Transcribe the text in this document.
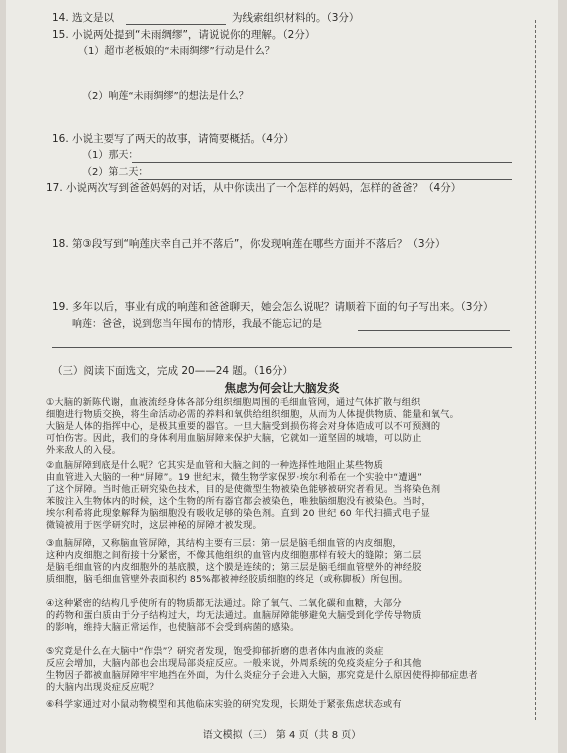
14. 选文是以	为线索组织材料的。（3分）
15. 小说两处提到“未雨绸缪”，请说说你的理解。（2分）
（1）超市老板娘的“未雨绸缪”行动是什么？
（2）响莲“未雨绸缪”的想法是什么？
16. 小说主要写了两天的故事，请简要概括。（4分）
（1）那天：
（2）第二天：
17. 小说两次写到爸爸妈妈的对话，从中你读出了一个怎样的妈妈，怎样的爸爸？（4分）
18. 第③段写到“响莲庆幸自己并不落后”，你发现响莲在哪些方面并不落后？（3分）
19. 多年以后，事业有成的响莲和爸爸聊天，她会怎么说呢？请顺着下面的句子写出来。（3分）
响莲：爸爸，说到您当年囤布的情形，我最不能忘记的是
（三）阅读下面选文，完成 20——24 题。（16分）
焦虑为何会让大脑发炎
①大脑的新陈代谢，血液流经身体各部分组织细胞周围的毛细血管网，通过气体扩散与组织
细胞进行物质交换，将生命活动必需的养料和氧供给组织细胞，从而为人体提供物质、能量和氧气。
大脑是人体的指挥中心，是极其重要的器官。一旦大脑受到损伤将会对身体造成可以不可预测的
可怕伤害。因此，我们的身体利用血脑屏障来保护大脑，它就如一道坚固的城墙，可以防止
外来敌人的入侵。
②血脑屏障到底是什么呢？它其实是血管和大脑之间的一种选择性地阻止某些物质
由血管进入大脑的一种“屏障”。19 世纪末，微生物学家保罗·埃尔利希在一个实验中“遭遇”
了这个屏障。当时他正研究染色技术，目的是使微型生物被染色能够被研究者看见。当将染色剂
苯胺注入生物体内的时候，这个生物的所有器官都会被染色，唯独脑细胞没有被染色。当时，
埃尔利希将此现象解释为脑细胞没有吸收足够的染色剂。直到 20 世纪 60 年代扫描式电子显
微镜被用于医学研究时，这层神秘的屏障才被发现。
③血脑屏障，又称脑血管屏障，其结构主要有三层：第一层是脑毛细血管的内皮细胞，
这种内皮细胞之间衔接十分紧密，不像其他组织的血管内皮细胞那样有较大的缝隙；第二层
是脑毛细血管的内皮细胞外的基底膜，这个膜是连续的；第三层是脑毛细血管壁外的神经胶
质细胞，脑毛细血管壁外表面积约 85%都被神经胶质细胞的终足（或称脚板）所包围。
④这种紧密的结构几乎使所有的物质都无法通过。除了氧气、二氧化碳和血糖，大部分
的药物和蛋白质由于分子结构过大，均无法通过。血脑屏障能够避免大脑受到化学传导物质
的影响，维持大脑正常运作，也使脑部不会受到病菌的感染。
⑤究竟是什么在大脑中“作祟”？研究者发现，饱受抑郁折磨的患者体内血液的炎症
反应会增加，大脑内部也会出现局部炎症反应。一般来说，外周系统的免疫炎症分子和其他
生物因子都被血脑屏障牢牢地挡在外面，为什么炎症分子会进入大脑，那究竟是什么原因使得抑郁症患者
的大脑内出现炎症反应呢？
⑥科学家通过对小鼠动物模型和其他临床实验的研究发现，长期处于紧张焦虑状态或有
语文模拟（三） 第 4 页（共 8 页）
